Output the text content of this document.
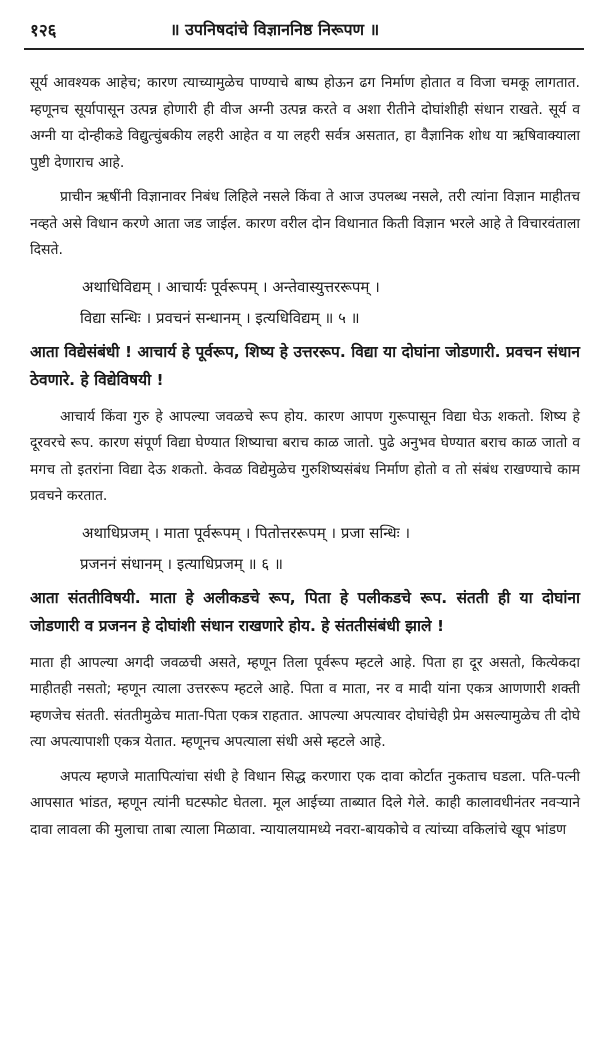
१२६	॥ उपनिषदांचे विज्ञाननिष्ठ निरूपण ॥

सूर्य आवश्यक आहेच; कारण त्याच्यामुळेच पाण्याचे बाष्प होऊन ढग निर्माण होतात व विजा चमकू लागतात. म्हणूनच सूर्यापासून उत्पन्न होणारी ही वीज अग्नी उत्पन्न करते व अशा रीतीने दोघांशीही संधान राखते. सूर्य व अग्नी या दोन्हीकडे विद्युत्चुंबकीय लहरी आहेत व या लहरी सर्वत्र असतात, हा वैज्ञानिक शोध या ऋषिवाक्याला पुष्टी देणाराच आहे.

प्राचीन ऋषींनी विज्ञानावर निबंध लिहिले नसले किंवा ते आज उपलब्ध नसले, तरी त्यांना विज्ञान माहीतच नव्हते असे विधान करणे आता जड जाईल. कारण वरील दोन विधानात किती विज्ञान भरले आहे ते विचारवंताला दिसते.

अथाधिविद्यम् । आचार्यः पूर्वरूपम् । अन्तेवास्युत्तररूपम् ।
विद्या सन्धिः । प्रवचनं सन्धानम् । इत्यधिविद्यम् ॥ ५ ॥

आता विद्येसंबंधी ! आचार्य हे पूर्वरूप, शिष्य हे उत्तररूप. विद्या या दोघांना जोडणारी. प्रवचन संधान ठेवणारे. हे विद्येविषयी !

आचार्य किंवा गुरु हे आपल्या जवळचे रूप होय. कारण आपण गुरूपासून विद्या घेऊ शकतो. शिष्य हे दूरवरचे रूप. कारण संपूर्ण विद्या घेण्यात शिष्याचा बराच काळ जातो. पुढे अनुभव घेण्यात बराच काळ जातो व मगच तो इतरांना विद्या देऊ शकतो. केवळ विद्येमुळेच गुरुशिष्यसंबंध निर्माण होतो व तो संबंध राखण्याचे काम प्रवचने करतात.

अथाधिप्रजम् । माता पूर्वरूपम् । पितोत्तररूपम् । प्रजा सन्धिः ।
प्रजननं संधानम् । इत्याधिप्रजम् ॥ ६ ॥

आता संततीविषयी. माता हे अलीकडचे रूप, पिता हे पलीकडचे रूप. संतती ही या दोघांना जोडणारी व प्रजनन हे दोघांशी संधान राखणारे होय. हे संततीसंबंधी झाले !

माता ही आपल्या अगदी जवळची असते, म्हणून तिला पूर्वरूप म्हटले आहे. पिता हा दूर असतो, कित्येकदा माहीतही नसतो; म्हणून त्याला उत्तररूप म्हटले आहे. पिता व माता, नर व मादी यांना एकत्र आणणारी शक्ती म्हणजेच संतती. संततीमुळेच माता-पिता एकत्र राहतात. आपल्या अपत्यावर दोघांचेही प्रेम असल्यामुळेच ती दोघे त्या अपत्यापाशी एकत्र येतात. म्हणूनच अपत्याला संधी असे म्हटले आहे.

अपत्य म्हणजे मातापित्यांचा संधी हे विधान सिद्ध करणारा एक दावा कोर्टात नुकताच घडला. पति-पत्नी आपसात भांडत, म्हणून त्यांनी घटस्फोट घेतला. मूल आईच्या ताब्यात दिले गेले. काही कालावधीनंतर नवऱ्याने दावा लावला की मुलाचा ताबा त्याला मिळावा. न्यायालयामध्ये नवरा-बायकोचे व त्यांच्या वकिलांचे खूप भांडण
